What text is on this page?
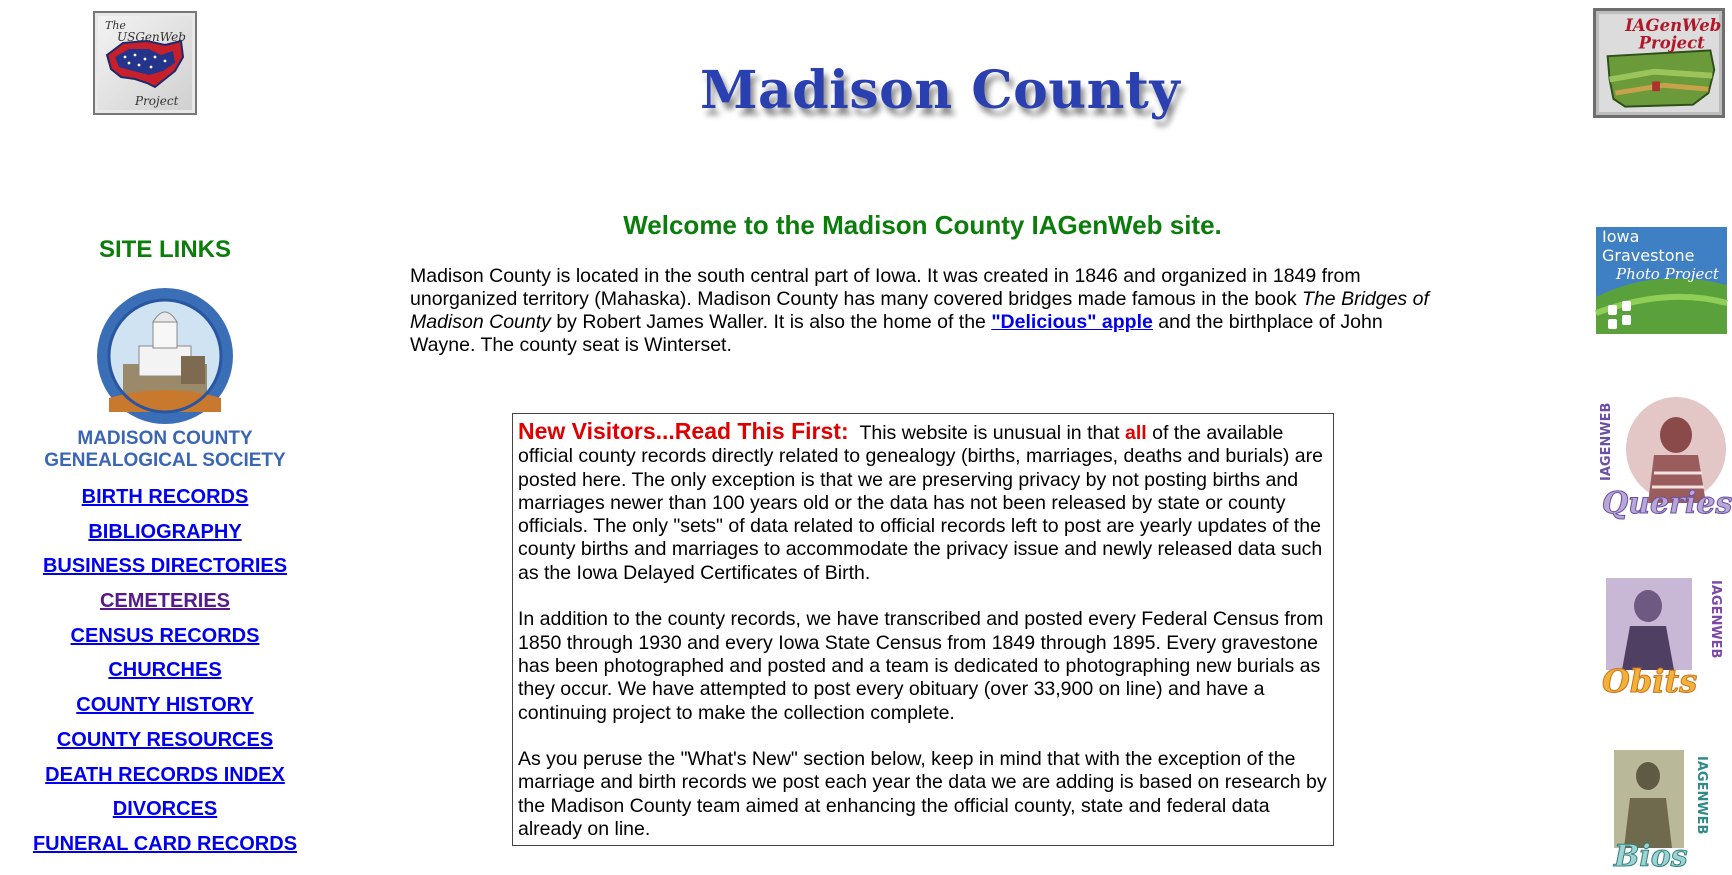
The
USGenWeb
Project	Madison County
IAGenWeb
Project
SITE LINKS
MADISON COUNTY GENEALOGICAL SOCIETY
BIRTH RECORDS
BIBLIOGRAPHY
BUSINESS DIRECTORIES
CEMETERIES
CENSUS RECORDS
CHURCHES
COUNTY HISTORY
COUNTY RESOURCES
DEATH RECORDS INDEX
DIVORCES
FUNERAL CARD RECORDS
Welcome to the Madison County IAGenWeb site.

Madison County is located in the south central part of Iowa. It was created in 1846 and organized in 1849 from unorganized territory (Mahaska). Madison County has many covered bridges made famous in the book The Bridges of Madison County by Robert James Waller. It is also the home of the "Delicious" apple and the birthplace of John Wayne. The county seat is Winterset.

New Visitors...Read This First: This website is unusual in that all of the available official county records directly related to genealogy (births, marriages, deaths and burials) are posted here. The only exception is that we are preserving privacy by not posting births and marriages newer than 100 years old or the data has not been released by state or county officials. The only "sets" of data related to official records left to post are yearly updates of the county births and marriages to accommodate the privacy issue and newly released data such as the Iowa Delayed Certificates of Birth.

In addition to the county records, we have transcribed and posted every Federal Census from 1850 through 1930 and every Iowa State Census from 1849 through 1895. Every gravestone has been photographed and posted and a team is dedicated to photographing new burials as they occur. We have attempted to post every obituary (over 33,900 on line) and have a continuing project to make the collection complete.

As you peruse the "What's New" section below, keep in mind that with the exception of the marriage and birth records we post each year the data we are adding is based on research by the Madison County team aimed at enhancing the official county, state and federal data already on line.

Iowa
Gravestone
Photo Project
IAGENWEB
Queries
IAGENWEB
Obits
IAGENWEB
Bios
